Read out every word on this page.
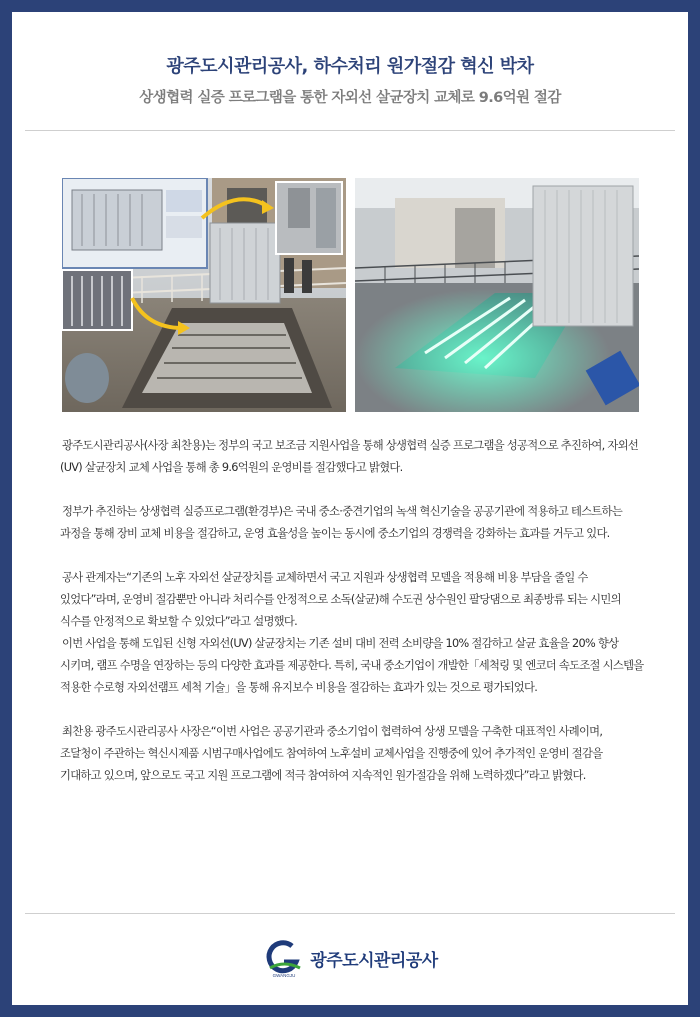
광주도시관리공사, 하수처리 원가절감 혁신 박차
상생협력 실증 프로그램을 통한 자외선 살균장치 교체로 9.6억원 절감

광주도시관리공사(사장 최찬용)는 정부의 국고 보조금 지원사업을 통해 상생협력 실증 프로그램을 성공적으로 추진하여, 자외선(UV) 살균장치 교체 사업을 통해 총 9.6억원의 운영비를 절감했다고 밝혔다.

정부가 추진하는 상생협력 실증프로그램(환경부)은 국내 중소·중견기업의 녹색 혁신기술을 공공기관에 적용하고 테스트하는 과정을 통해 장비 교체 비용을 절감하고, 운영 효율성을 높이는 동시에 중소기업의 경쟁력을 강화하는 효과를 거두고 있다.

공사 관계자는“기존의 노후 자외선 살균장치를 교체하면서 국고 지원과 상생협력 모델을 적용해 비용 부담을 줄일 수 있었다”라며, 운영비 절감뿐만 아니라 처리수를 안정적으로 소독(살균)해 수도권 상수원인 팔당댐으로 최종방류 되는 시민의 식수를 안정적으로 확보할 수 있었다”라고 설명했다.

이번 사업을 통해 도입된 신형 자외선(UV) 살균장치는 기존 설비 대비 전력 소비량을 10% 절감하고 살균 효율을 20% 향상 시키며, 램프 수명을 연장하는 등의 다양한 효과를 제공한다. 특히, 국내 중소기업이 개발한「세척링 및 엔코더 속도조절 시스템을 적용한 수로형 자외선램프 세척 기술」을 통해 유지보수 비용을 절감하는 효과가 있는 것으로 평가되었다.

최찬용 광주도시관리공사 사장은“이번 사업은 공공기관과 중소기업이 협력하여 상생 모델을 구축한 대표적인 사례이며, 조달청이 주관하는 혁신시제품 시범구매사업에도 참여하여 노후설비 교체사업을 진행중에 있어 추가적인 운영비 절감을 기대하고 있으며, 앞으로도 국고 지원 프로그램에 적극 참여하여 지속적인 원가절감을 위해 노력하겠다”라고 밝혔다.

GWANGJU
광주도시관리공사
